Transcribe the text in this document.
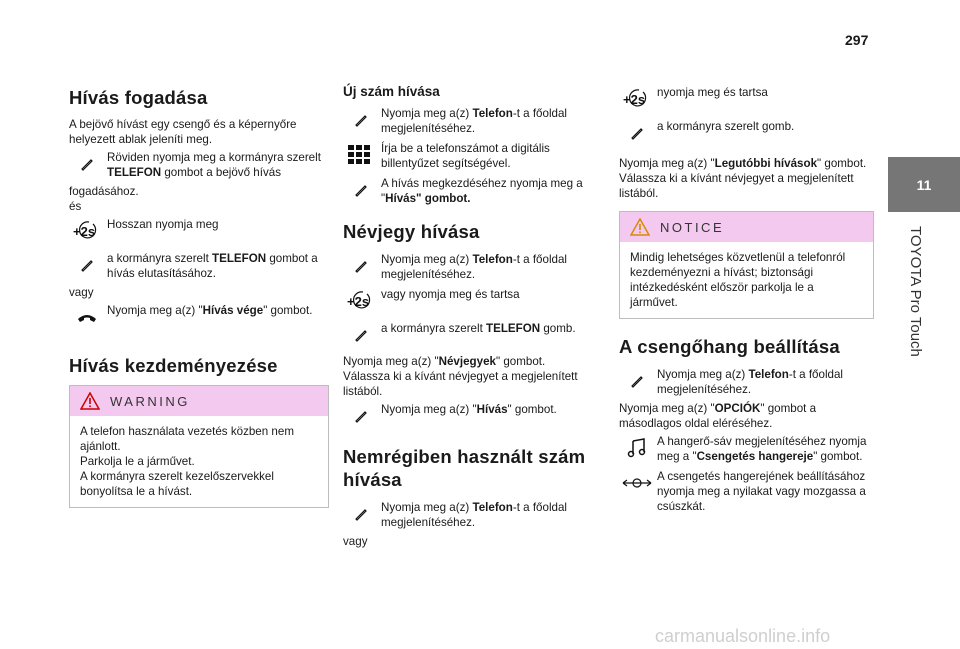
297
11
TOYOTA Pro Touch
Hívás fogadása

A bejövő hívást egy csengő és a képernyőre helyezett ablak jeleníti meg.

Röviden nyomja meg a kormányra szerelt TELEFON gombot a bejövő hívás

fogadásához.

és

+2s Hosszan nyomja meg
a kormányra szerelt TELEFON gombot a hívás elutasításához.

vagy

Nyomja meg a(z) "Hívás vége" gombot.
Hívás kezdeményezése
WARNING

A telefon használata vezetés közben nem ajánlott.

Parkolja le a járművet.

A kormányra szerelt kezelőszervekkel bonyolítsa le a hívást.

Új szám hívása
Nyomja meg a(z) Telefon-t a főoldal megjelenítéséhez.
Írja be a telefonszámot a digitális billentyűzet segítségével.
A hívás megkezdéséhez nyomja meg a "Hívás" gombot.
Névjegy hívása
Nyomja meg a(z) Telefon-t a főoldal megjelenítéséhez.
+2s vagy nyomja meg és tartsa
a kormányra szerelt TELEFON gomb.

Nyomja meg a(z) "Névjegyek" gombot.

Válassza ki a kívánt névjegyet a megjelenített listából.

Nyomja meg a(z) "Hívás" gombot.
Nemrégiben használt szám hívása
Nyomja meg a(z) Telefon-t a főoldal megjelenítéséhez.

vagy

+2s nyomja meg és tartsa
a kormányra szerelt gomb.

Nyomja meg a(z) "Legutóbbi hívások" gombot.

Válassza ki a kívánt névjegyet a megjelenített listából.

NOTICE
Mindig lehetséges közvetlenül a telefonról kezdeményezni a hívást; biztonsági intézkedésként először parkolja le a járművet.
A csengőhang beállítása
Nyomja meg a(z) Telefon-t a főoldal megjelenítéséhez.

Nyomja meg a(z) "OPCIÓK" gombot a másodlagos oldal eléréséhez.

A hangerő-sáv megjelenítéséhez nyomja meg a "Csengetés hangereje" gombot.
A csengetés hangerejének beállításához nyomja meg a nyilakat vagy mozgassa a csúszkát.
carmanualsonline.info
